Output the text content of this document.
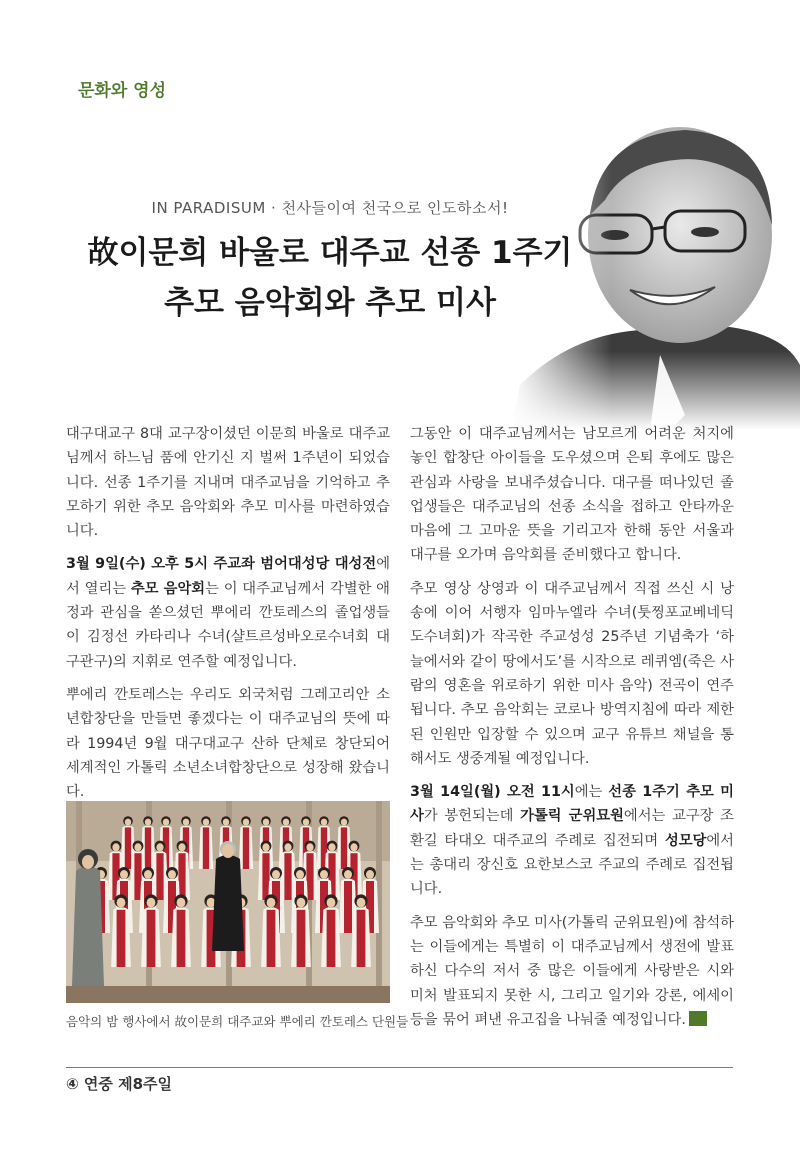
문화와 영성
IN PARADISUM · 천사들이여 천국으로 인도하소서!
故이문희 바울로 대주교 선종 1주기
추모 음악회와 추모 미사

대구대교구 8대 교구장이셨던 이문희 바울로 대주교님께서 하느님 품에 안기신 지 벌써 1주년이 되었습니다. 선종 1주기를 지내며 대주교님을 기억하고 추모하기 위한 추모 음악회와 추모 미사를 마련하였습니다.

3월 9일(수) 오후 5시 주교좌 범어대성당 대성전에서 열리는 추모 음악회는 이 대주교님께서 각별한 애정과 관심을 쏟으셨던 뿌에리 깐토레스의 졸업생들이 김정선 카타리나 수녀(샬트르성바오로수녀회 대구관구)의 지휘로 연주할 예정입니다.

뿌에리 깐토레스는 우리도 외국처럼 그레고리안 소년합창단을 만들면 좋겠다는 이 대주교님의 뜻에 따라 1994년 9월 대구대교구 산하 단체로 창단되어 세계적인 가톨릭 소년소녀합창단으로 성장해 왔습니다.

음악의 밤 행사에서 故이문희 대주교와 뿌에리 깐토레스 단원들

그동안 이 대주교님께서는 남모르게 어려운 처지에 놓인 합창단 아이들을 도우셨으며 은퇴 후에도 많은 관심과 사랑을 보내주셨습니다. 대구를 떠나있던 졸업생들은 대주교님의 선종 소식을 접하고 안타까운 마음에 그 고마운 뜻을 기리고자 한해 동안 서울과 대구를 오가며 음악회를 준비했다고 합니다.

추모 영상 상영과 이 대주교님께서 직접 쓰신 시 낭송에 이어 서행자 임마누엘라 수녀(툿찡포교베네딕도수녀회)가 작곡한 주교성성 25주년 기념축가 ‘하늘에서와 같이 땅에서도’를 시작으로 레퀴엠(죽은 사람의 영혼을 위로하기 위한 미사 음악) 전곡이 연주됩니다. 추모 음악회는 코로나 방역지침에 따라 제한된 인원만 입장할 수 있으며 교구 유튜브 채널을 통해서도 생중계될 예정입니다.

3월 14일(월) 오전 11시에는 선종 1주기 추모 미사가 봉헌되는데 가톨릭 군위묘원에서는 교구장 조환길 타대오 대주교의 주례로 집전되며 성모당에서는 총대리 장신호 요한보스코 주교의 주례로 집전됩니다.

추모 음악회와 추모 미사(가톨릭 군위묘원)에 참석하는 이들에게는 특별히 이 대주교님께서 생전에 발표하신 다수의 저서 중 많은 이들에게 사랑받은 시와 미처 발표되지 못한 시, 그리고 일기와 강론, 에세이 등을 묶어 펴낸 유고집을 나눠줄 예정입니다.

④ 연중 제8주일
